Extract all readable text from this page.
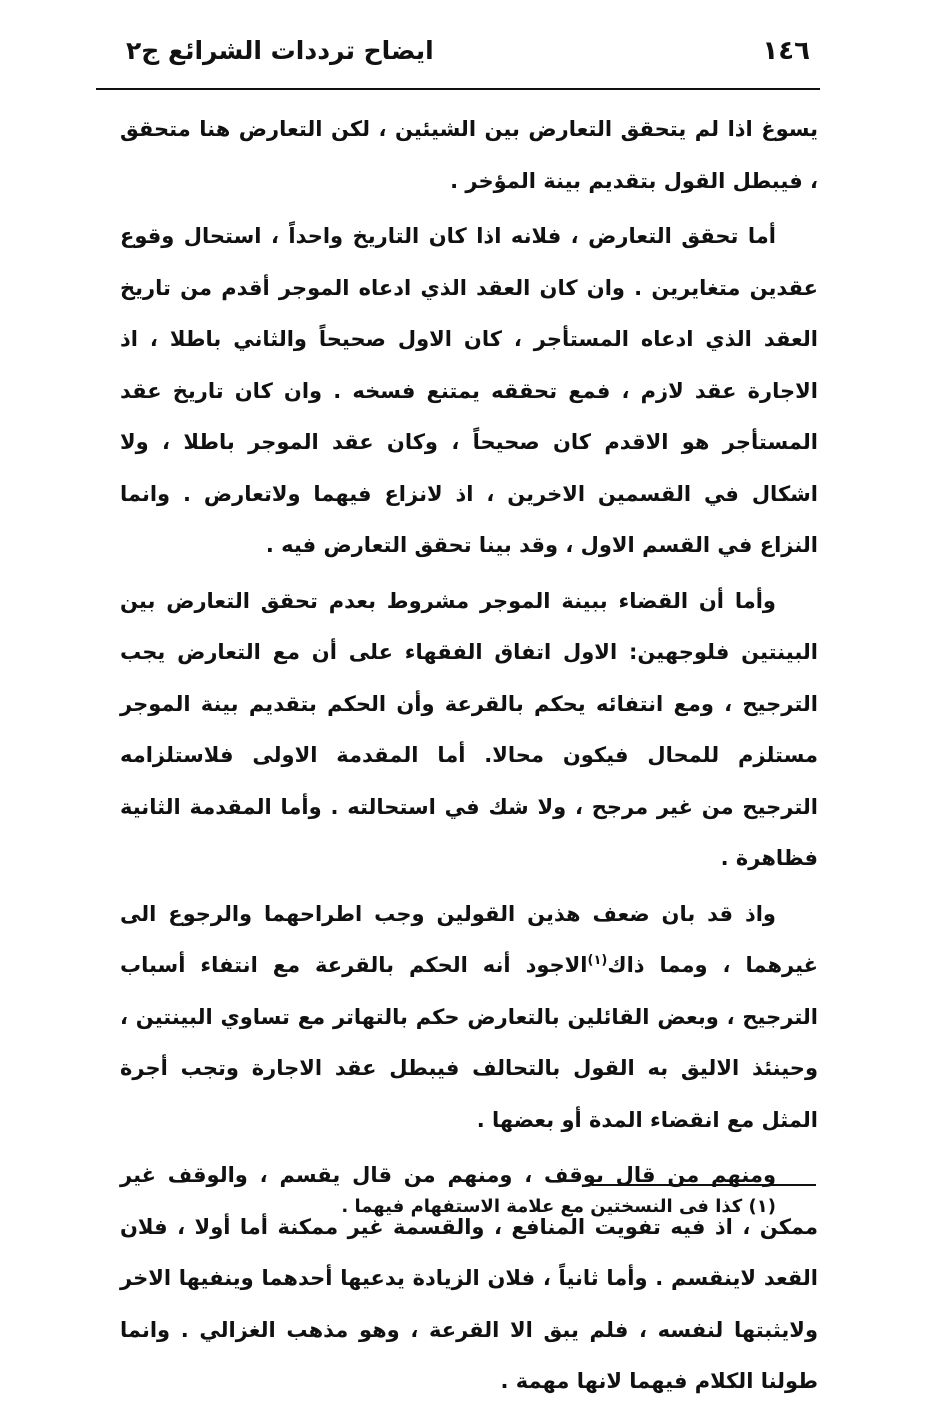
١٤٦
ايضاح ترددات الشرائع ج٢

يسوغ اذا لم يتحقق التعارض بين الشيئين ، لكن التعارض هنا متحقق ، فيبطل القول بتقديم بينة المؤخر .

أما تحقق التعارض ، فلانه اذا كان التاريخ واحداً ، استحال وقوع عقدين متغايرين . وان كان العقد الذي ادعاه الموجر أقدم من تاريخ العقد الذي ادعاه المستأجر ، كان الاول صحيحاً والثاني باطلا ، اذ الاجارة عقد لازم ، فمع تحققه يمتنع فسخه . وان كان تاريخ عقد المستأجر هو الاقدم كان صحيحاً ، وكان عقد الموجر باطلا ، ولا اشكال في القسمين الاخرين ، اذ لانزاع فيهما ولاتعارض . وانما النزاع في القسم الاول ، وقد بينا تحقق التعارض فيه .

وأما أن القضاء ببينة الموجر مشروط بعدم تحقق التعارض بين البينتين فلوجهين: الاول اتفاق الفقهاء على أن مع التعارض يجب الترجيح ، ومع انتفائه يحكم بالقرعة وأن الحكم بتقديم بينة الموجر مستلزم للمحال فيكون محالا. أما المقدمة الاولى فلاستلزامه الترجيح من غير مرجح ، ولا شك في استحالته . وأما المقدمة الثانية فظاهرة .

واذ قد بان ضعف هذين القولين وجب اطراحهما والرجوع الى غيرهما ، ومما ذاك$^{(١)}$الاجود أنه الحكم بالقرعة مع انتفاء أسباب الترجيح ، وبعض القائلين بالتعارض حكم بالتهاتر مع تساوي البينتين ، وحينئذ الاليق به القول بالتحالف فيبطل عقد الاجارة وتجب أجرة المثل مع انقضاء المدة أو بعضها .

ومنهم من قال يوقف ، ومنهم من قال يقسم ، والوقف غير ممكن ، اذ فيه تفويت المنافع ، والقسمة غير ممكنة أما أولا ، فلان القعد لاينقسم . وأما ثانياً ، فلان الزيادة يدعيها أحدهما وينفيها الاخر ولايثبتها لنفسه ، فلم يبق الا القرعة ، وهو مذهب الغزالي . وانما طولنا الكلام فيهما لانها مهمة .

(١) كذا فى النسختين مع علامة الاستفهام فيهما .
